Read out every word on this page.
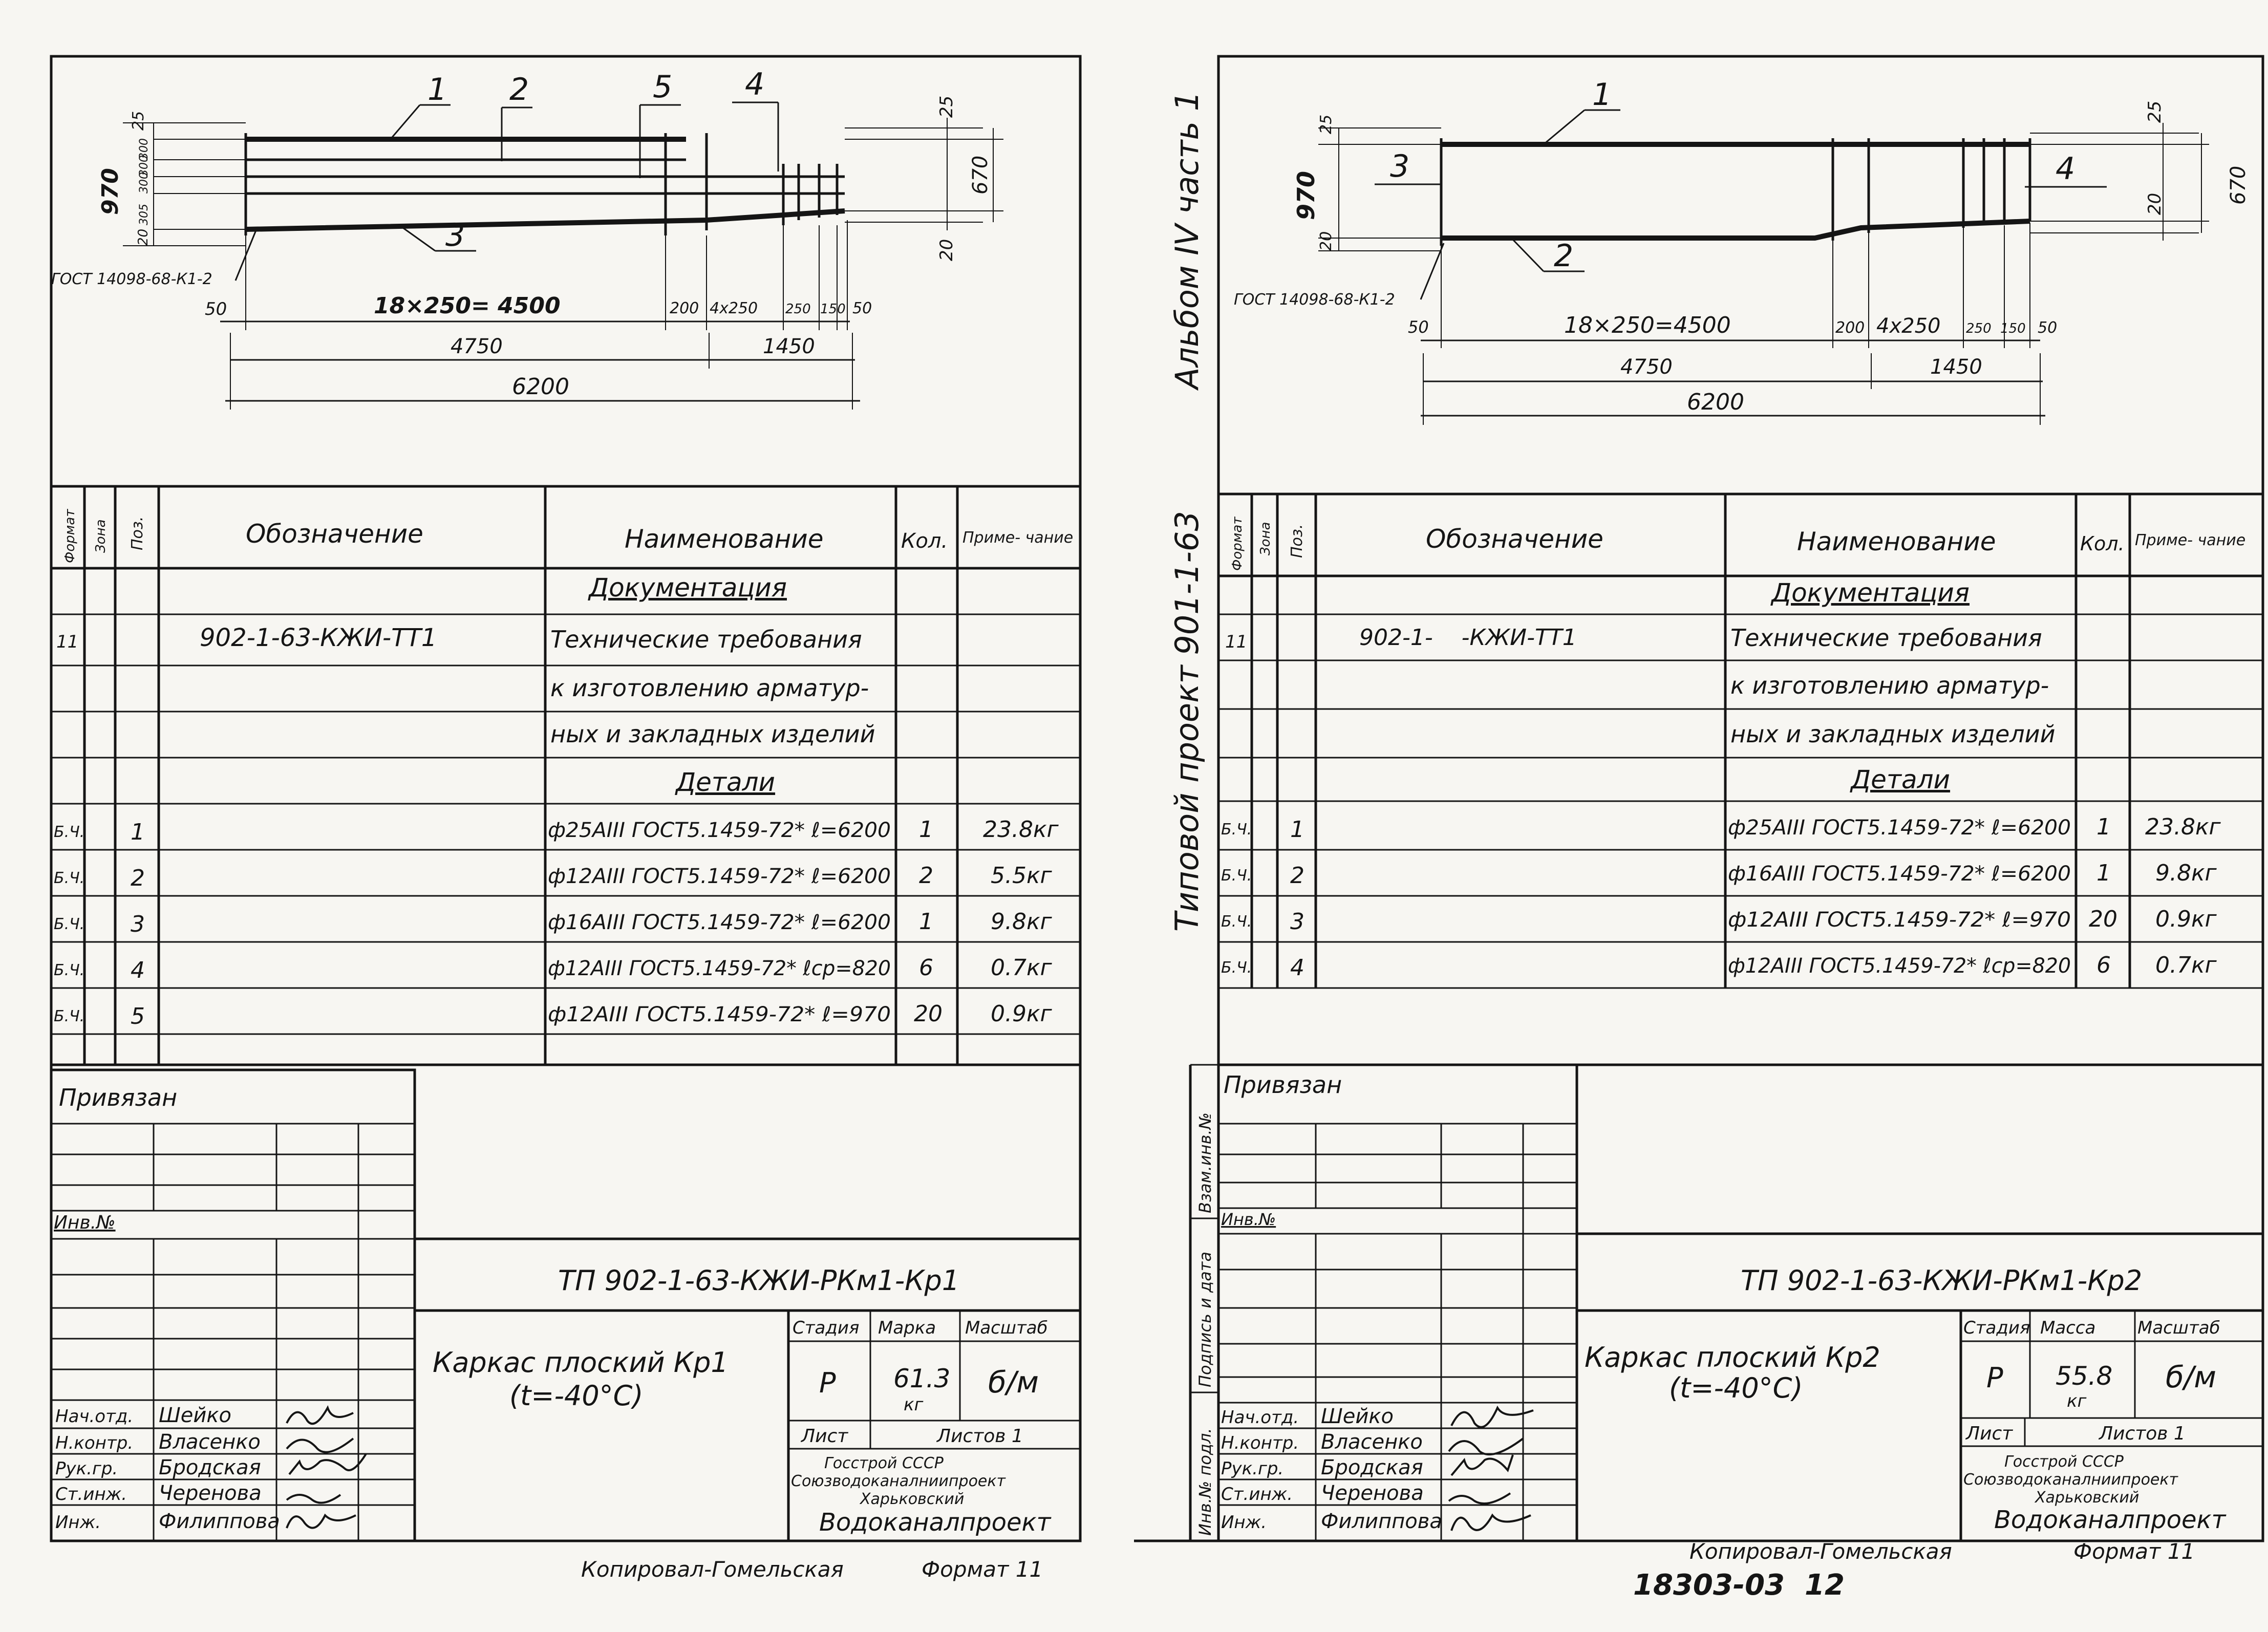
1 2	5 4
3
ГОСТ 14098-68-К1-2
25
300
300
300
305
20
970
25
670
20
50	18×250= 4500	200 4x250 250 150 50
4750	1450
6200
Формат Зона Поз.	Обозначение	Наименование	Кол. Приме- чание
Документация
11	902-1-63-КЖИ-ТТ1	Технические требования
к изготовлению арматур-
ных и закладных изделий
Детали
Б.Ч. 1	ф25АIII ГОСТ5.1459-72* ℓ=6200 1 23.8кг
Б.Ч. 2	ф12АIII ГОСТ5.1459-72* ℓ=6200 2	5.5кг
Б.Ч. 3	ф16АIII ГОСТ5.1459-72* ℓ=6200 1	9.8кг
Б.Ч. 4	ф12АIII ГОСТ5.1459-72* ℓср=820 6	0.7кг
Б.Ч. 5	ф12АIII ГОСТ5.1459-72* ℓ=970 20 0.9кг
Привязан
Инв.№
ТП 902-1-63-КЖИ-РКм1-Кр1
Каркас плоский Кр1
(t=-40°С)
Стадия Марка Масштаб
Р 61.3
кг
б/м
Лист	Листов 1
Госстрой СССР
Союзводоканалниипроект
Харьковский
Водоканалпроект
Нач.отд. Шейко
Н.контр. Власенко
Рук.гр. Бродская
Ст.инж. Черенова
Инж.	Филиппова
Копировал-Гомельская	Формат 11
Альбом IV часть 1
Типовой проект 901-1-63
Взам.инв.№
Подпись и дата
Инв.№ подл.
1
3	4
2
ГОСТ 14098-68-К1-2
25
20
970
25
670
20
50	18×250=4500	200 4x250 250 150 50
4750	1450
6200
Формат Зона Поз.	Обозначение	Наименование	Кол. Приме- чание
Документация
11	902-1-    -КЖИ-ТТ1	Технические требования
к изготовлению арматур-
ных и закладных изделий
Детали
Б.Ч. 1	ф25АIII ГОСТ5.1459-72* ℓ=6200 1 23.8кг
Б.Ч. 2	ф16АIII ГОСТ5.1459-72* ℓ=6200 1 9.8кг
Б.Ч. 3	ф12АIII ГОСТ5.1459-72* ℓ=970 20 0.9кг
Б.Ч. 4	ф12АIII ГОСТ5.1459-72* ℓср=820 6 0.7кг
Привязан
Инв.№
ТП 902-1-63-КЖИ-РКм1-Кр2
Каркас плоский Кр2
(t=-40°С)
Стадия Масса Масштаб
Р 55.8
кг
б/м
Лист	Листов 1
Госстрой СССР
Союзводоканалниипроект
Харьковский
Водоканалпроект
Нач.отд. Шейко
Н.контр. Власенко
Рук.гр. Бродская
Ст.инж. Черенова
Инж.	Филиппова
Копировал-Гомельская	Формат 11
18303-03  12
